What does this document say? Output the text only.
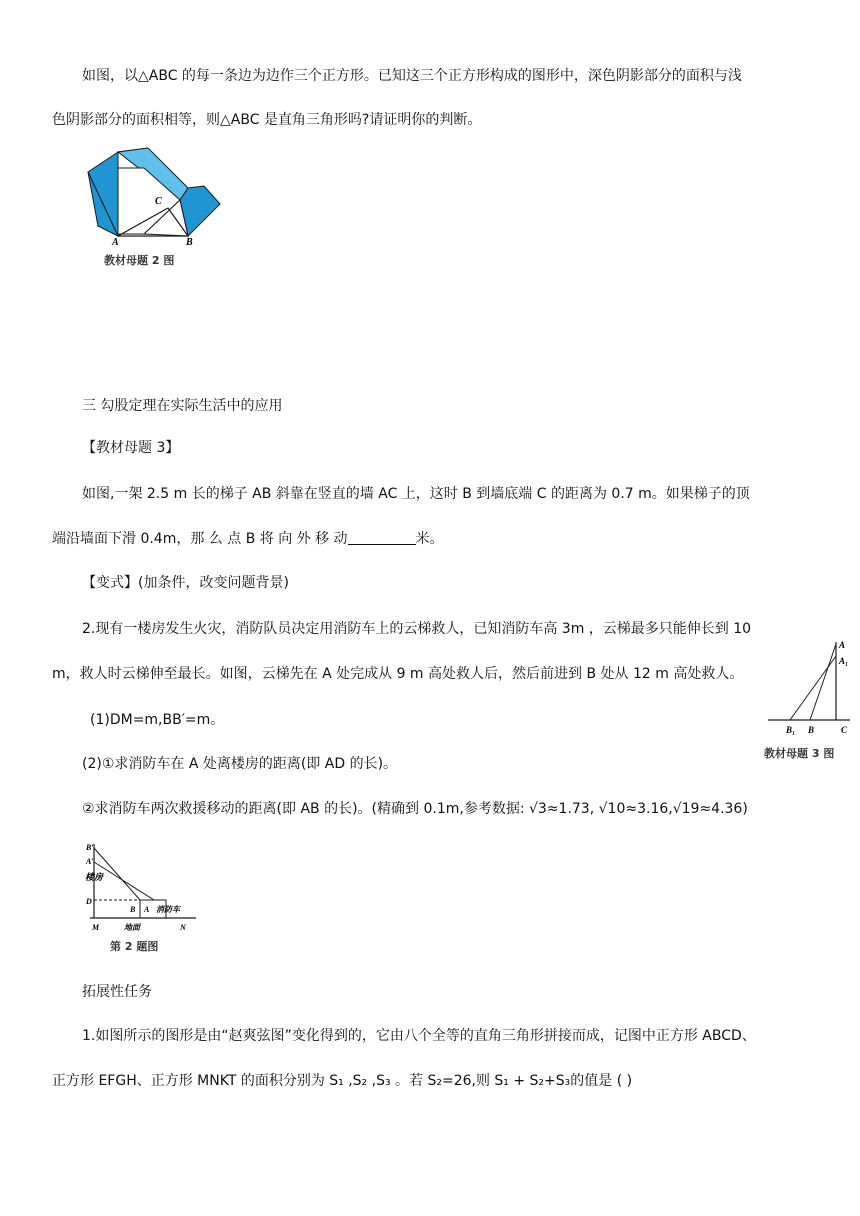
如图，以△ABC 的每一条边为边作三个正方形。已知这三个正方形构成的图形中，深色阴影部分的面积与浅
色阴影部分的面积相等，则△ABC 是直角三角形吗?请证明你的判断。
A	B
C
教材母题 2 图
三 勾股定理在实际生活中的应用
【教材母题 3】
如图,一架 2.5 m 长的梯子 AB 斜靠在竖直的墙 AC 上，这时 B 到墙底端 C 的距离为 0.7 m。如果梯子的顶
端沿墙面下滑 0.4m，那 么 点 B 将 向 外 移 动	米。
【变式】(加条件，改变问题背景)
2.现有一楼房发生火灾，消防队员决定用消防车上的云梯救人，已知消防车高 3m ，云梯最多只能伸长到 10
m，救人时云梯伸至最长。如图，云梯先在 A 处完成从 9 m 高处救人后，然后前进到 B 处从 12 m 高处救人。
(1)DM=m,BB′=m。
(2)①求消防车在 A 处离楼房的距离(即 AD 的长)。
②求消防车两次救援移动的距离(即 AB 的长)。(精确到 0.1m,参考数据: √3≈1.73, √10≈3.16,√19≈4.36)
A
A₁
B₁ B	C
教材母题 3 图
B′
A′
楼房
D
B A 消防车
M	地面	N
第 2 题图
拓展性任务
1.如图所示的图形是由“赵爽弦图”变化得到的，它由八个全等的直角三角形拼接而成，记图中正方形 ABCD、
正方形 EFGH、正方形 MNKT 的面积分别为 S₁ ,S₂ ,S₃ 。若 S₂=26,则 S₁ + S₂+S₃的值是 ( )
